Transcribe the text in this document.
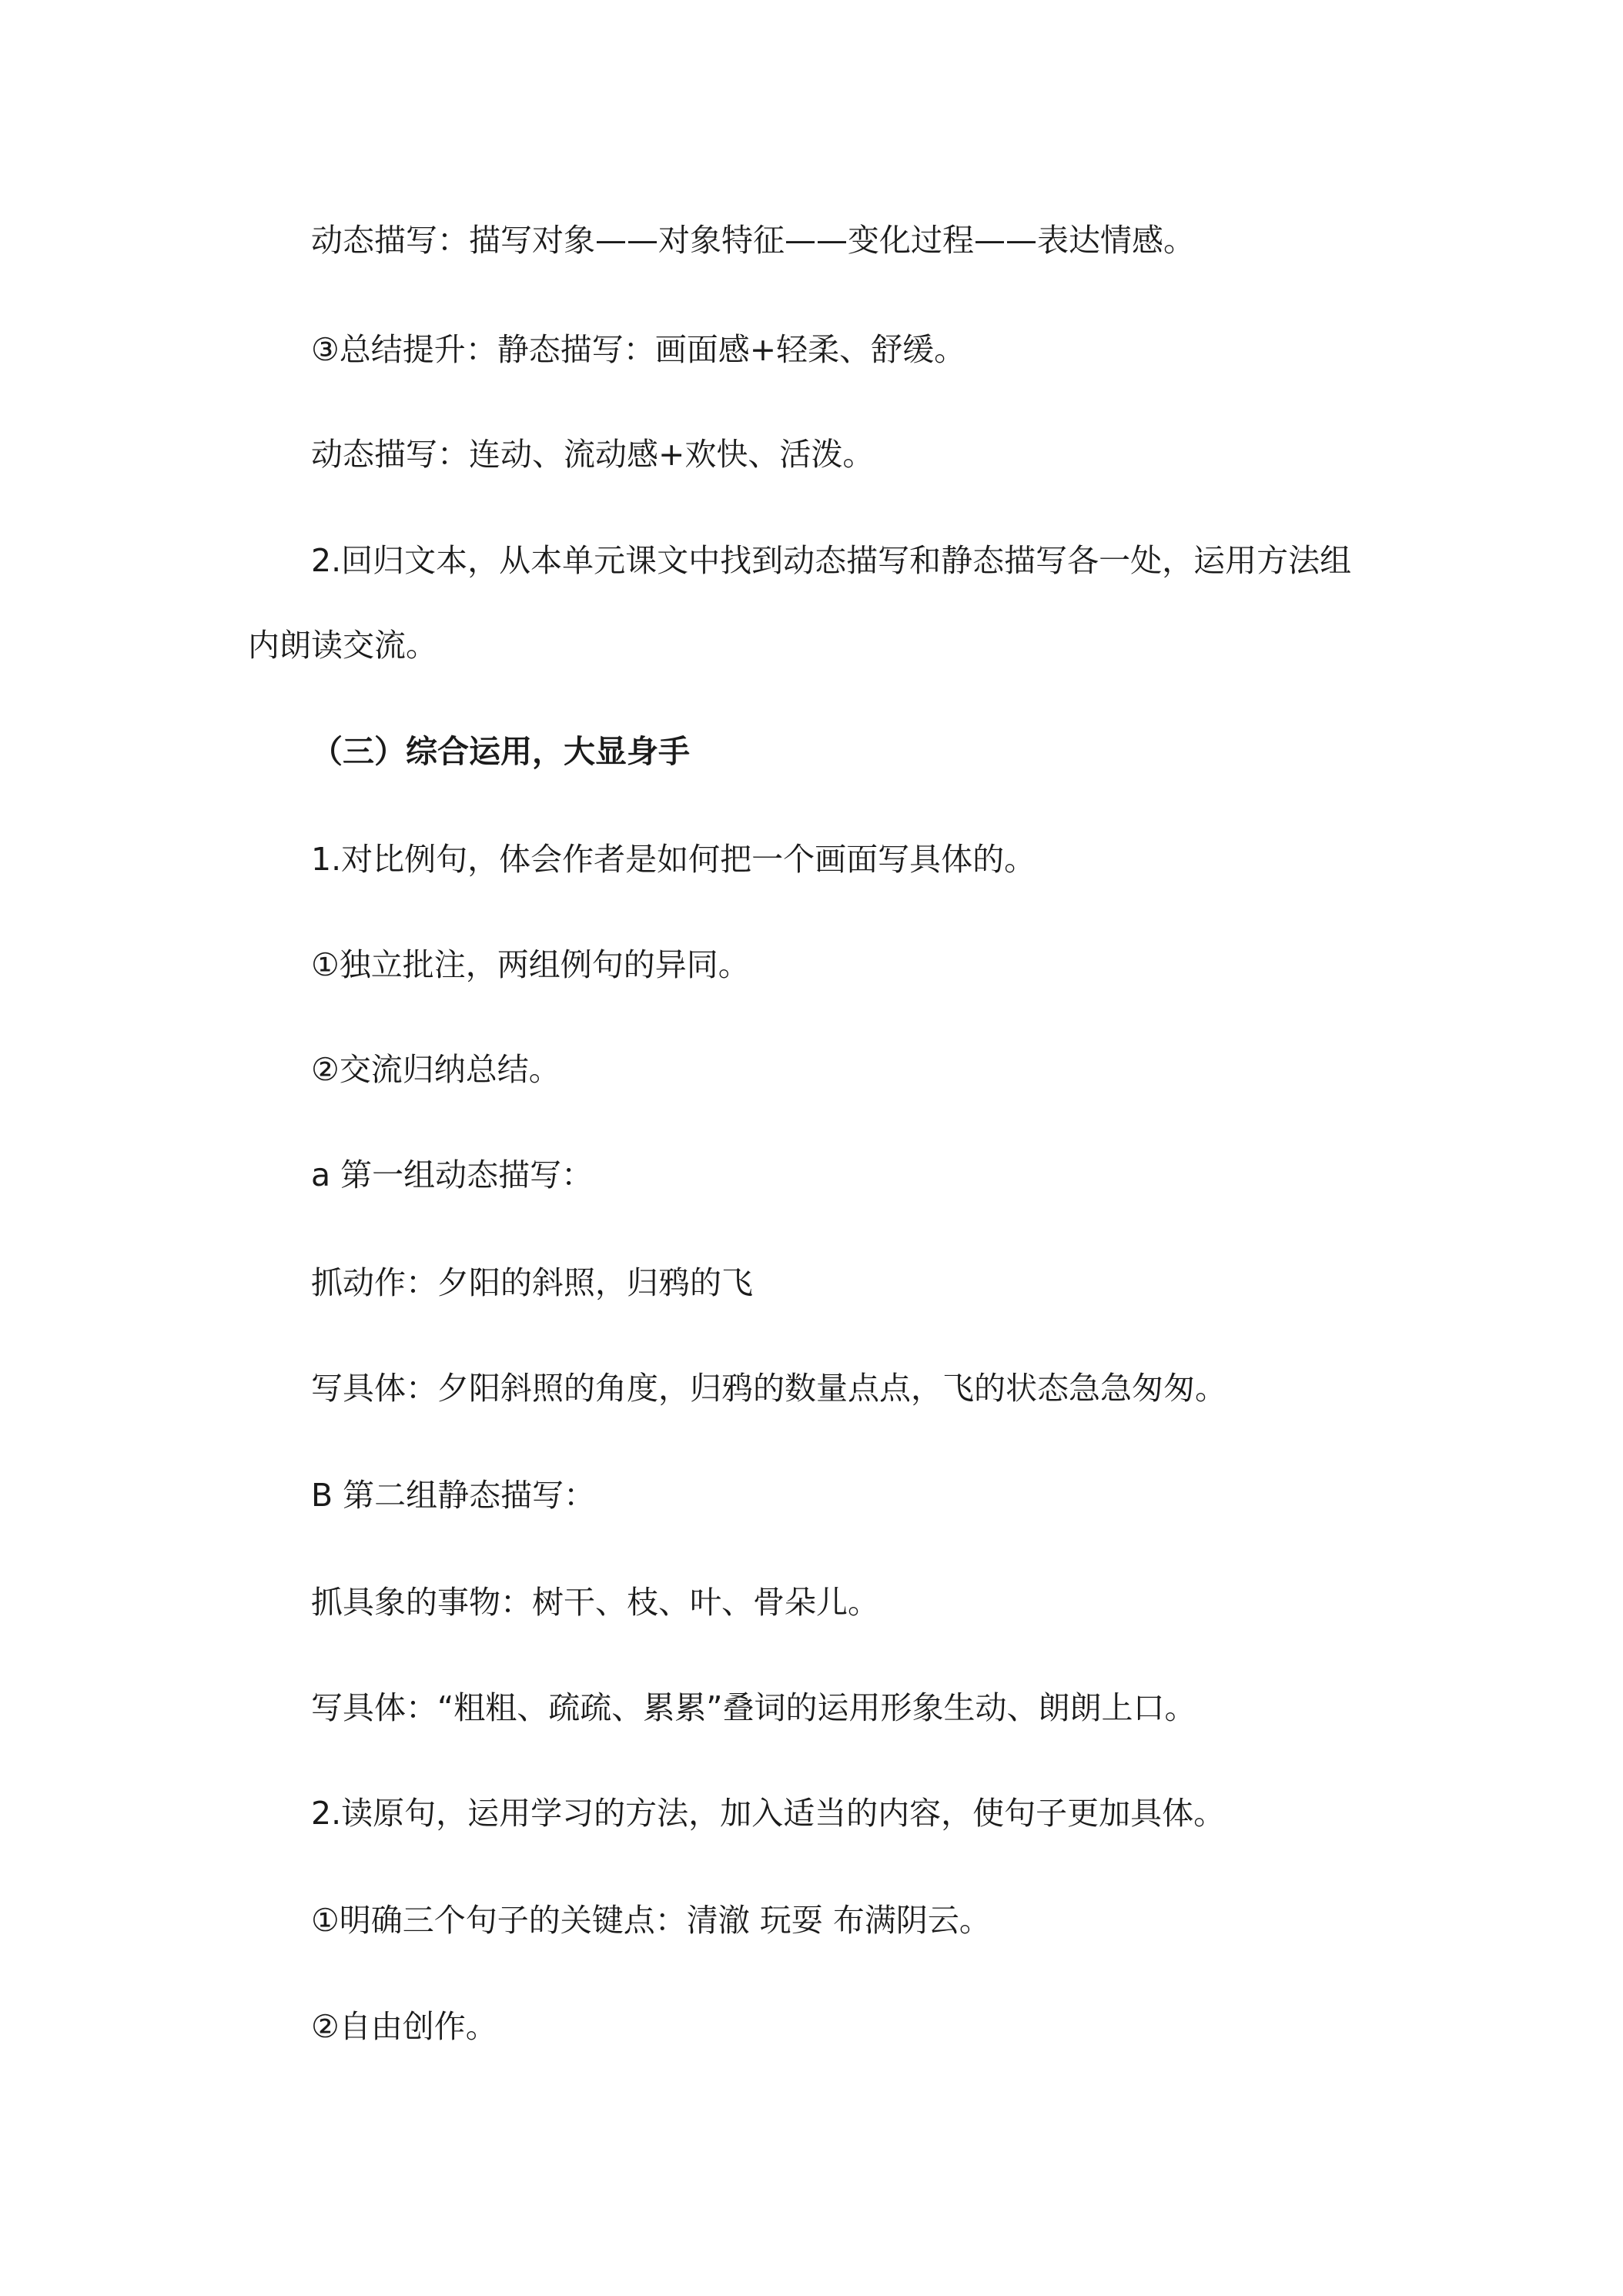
动态描写：描写对象——对象特征——变化过程——表达情感。
③总结提升：静态描写：画面感+轻柔、舒缓。
动态描写：连动、流动感+欢快、活泼。
2.回归文本，从本单元课文中找到动态描写和静态描写各一处，运用方法组
内朗读交流。
（三）综合运用，大显身手
1.对比例句，体会作者是如何把一个画面写具体的。
①独立批注，两组例句的异同。
②交流归纳总结。
a 第一组动态描写：
抓动作：夕阳的斜照，归鸦的飞
写具体：夕阳斜照的角度，归鸦的数量点点，飞的状态急急匆匆。
B 第二组静态描写：
抓具象的事物：树干、枝、叶、骨朵儿。
写具体：“粗粗、疏疏、累累”叠词的运用形象生动、朗朗上口。
2.读原句，运用学习的方法，加入适当的内容，使句子更加具体。
①明确三个句子的关键点：清澈 玩耍 布满阴云。
②自由创作。
